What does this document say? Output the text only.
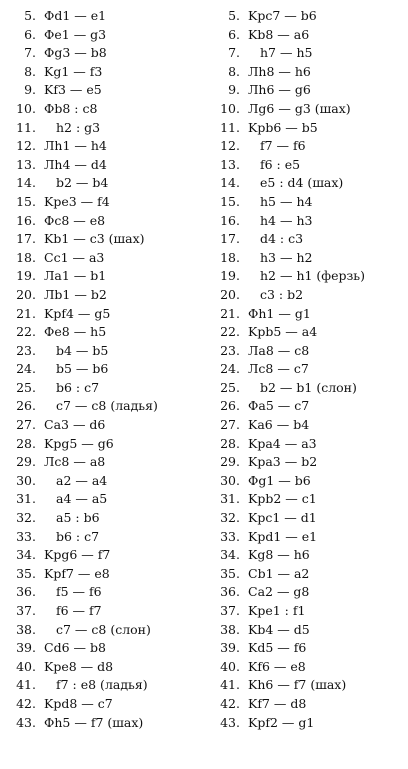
5. Фd1 — e1
6. Фe1 — g3
7. Фg3 — b8
8. Kg1 — f3
9. Kf3 — e5
10. Фb8 : c8
11.	h2 : g3
12. Лh1 — h4
13. Лh4 — d4
14.	b2 — b4
15. Kpe3 — f4
16. Фc8 — e8
17. Kb1 — c3 (шах)
18. Cc1 — a3
19. Лa1 — b1
20. Лb1 — b2
21. Kpf4 — g5
22. Фe8 — h5
23.	b4 — b5
24.	b5 — b6
25.	b6 : c7
26.	c7 — c8 (ладья)
27. Ca3 — d6
28. Kpg5 — g6
29. Лc8 — a8
30.	a2 — a4
31.	a4 — a5
32.	a5 : b6
33.	b6 : c7
34. Kpg6 — f7
35. Kpf7 — e8
36.	f5 — f6
37.	f6 — f7
38.	c7 — c8 (слон)
39. Cd6 — b8
40. Kpe8 — d8
41.	f7 : e8 (ладья)
42. Kpd8 — c7
43. Фh5 — f7 (шах)
5. Kpc7 — b6
6. Kb8 — a6
7.	h7 — h5
8. Лh8 — h6
9. Лh6 — g6
10. Лg6 — g3 (шах)
11. Kpb6 — b5
12.	f7 — f6
13.	f6 : e5
14.	e5 : d4 (шах)
15.	h5 — h4
16.	h4 — h3
17.	d4 : c3
18.	h3 — h2
19.	h2 — h1 (ферзь)
20.	c3 : b2
21. Фh1 — g1
22. Kpb5 — a4
23. Лa8 — c8
24. Лc8 — c7
25.	b2 — b1 (слон)
26. Фa5 — c7
27. Ka6 — b4
28. Kpa4 — a3
29. Kpa3 — b2
30. Фg1 — b6
31. Kpb2 — c1
32. Kpc1 — d1
33. Kpd1 — e1
34. Kg8 — h6
35. Cb1 — a2
36. Ca2 — g8
37. Kpe1 : f1
38. Kb4 — d5
39. Kd5 — f6
40. Kf6 — e8
41. Kh6 — f7 (шах)
42. Kf7 — d8
43. Kpf2 — g1
